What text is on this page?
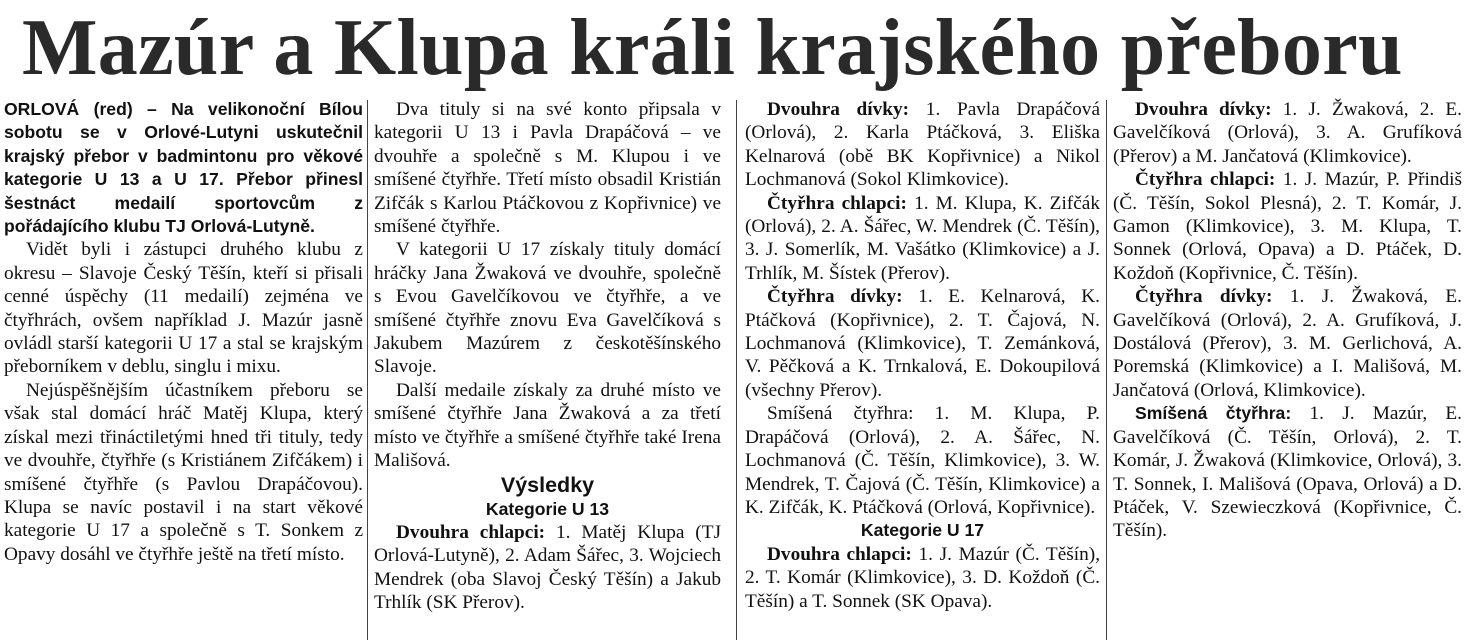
Mazúr a Klupa králi krajského přeboru

ORLOVÁ (red) – Na velikonoční Bílou sobotu se v Orlové-Lutyni uskutečnil krajský přebor v badmintonu pro věkové kategorie U 13 a U 17. Přebor přinesl šestnáct medailí sportovcům z pořádajícího klubu TJ Orlová-Lutyně.

Vidět byli i zástupci druhého klubu z okresu – Slavoje Český Těšín, kteří si přisali cenné úspěchy (11 medailí) zejména ve čtyřhrách, ovšem například J. Mazúr jasně ovládl starší kategorii U 17 a stal se krajským přeborníkem v deblu, singlu i mixu.

Nejúspěšnějším účastníkem přeboru se však stal domácí hráč Matěj Klupa, který získal mezi třináctiletými hned tři tituly, tedy ve dvouhře, čtyřhře (s Kristiánem Zifčákem) i smíšené čtyřhře (s Pavlou Drapáčovou). Klupa se navíc postavil i na start věkové kategorie U 17 a společně s T. Sonkem z Opavy dosáhl ve čtyřhře ještě na třetí místo.

Dva tituly si na své konto připsala v kategorii U 13 i Pavla Drapáčová – ve dvouhře a společně s M. Klupou i ve smíšené čtyřhře. Třetí místo obsadil Kristián Zifčák s Karlou Ptáčkovou z Kopřivnice) ve smíšené čtyřhře.

V kategorii U 17 získaly tituly domácí hráčky Jana Žwaková ve dvouhře, společně s Evou Gavelčíkovou ve čtyřhře, a ve smíšené čtyřhře znovu Eva Gavelčíková s Jakubem Mazúrem z českotěšínského Slavoje.

Další medaile získaly za druhé místo ve smíšené čtyřhře Jana Žwaková a za třetí místo ve čtyřhře a smíšené čtyřhře také Irena Mališová.

Výsledky
Kategorie U 13

Dvouhra chlapci: 1. Matěj Klupa (TJ Orlová-Lutyně), 2. Adam Šářec, 3. Wojciech Mendrek (oba Slavoj Český Těšín) a Jakub Trhlík (SK Přerov).

Dvouhra dívky: 1. Pavla Drapáčová (Orlová), 2. Karla Ptáčková, 3. Eliška Kelnarová (obě BK Kopřivnice) a Nikol Lochmanová (Sokol Klimkovice).

Čtyřhra chlapci: 1. M. Klupa, K. Zifčák (Orlová), 2. A. Šářec, W. Mendrek (Č. Těšín), 3. J. Somerlík, M. Vašátko (Klimkovice) a J. Trhlík, M. Šístek (Přerov).

Čtyřhra dívky: 1. E. Kelnarová, K. Ptáčková (Kopřivnice), 2. T. Čajová, N. Lochmanová (Klimkovice), T. Zemánková, V. Pěčková a K. Trnkalová, E. Dokoupilová (všechny Přerov).

Smíšená čtyřhra: 1. M. Klupa, P. Drapáčová (Orlová), 2. A. Šářec, N. Lochmanová (Č. Těšín, Klimkovice), 3. W. Mendrek, T. Čajová (Č. Těšín, Klimkovice) a K. Zifčák, K. Ptáčková (Orlová, Kopřivnice).

Kategorie U 17

Dvouhra chlapci: 1. J. Mazúr (Č. Těšín), 2. T. Komár (Klimkovice), 3. D. Koždoň (Č. Těšín) a T. Sonnek (SK Opava).

Dvouhra dívky: 1. J. Žwaková, 2. E. Gavelčíková (Orlová), 3. A. Grufíková (Přerov) a M. Jančatová (Klimkovice).

Čtyřhra chlapci: 1. J. Mazúr, P. Přindiš (Č. Těšín, Sokol Plesná), 2. T. Komár, J. Gamon (Klimkovice), 3. M. Klupa, T. Sonnek (Orlová, Opava) a D. Ptáček, D. Koždoň (Kopřivnice, Č. Těšín).

Čtyřhra dívky: 1. J. Žwaková, E. Gavelčíková (Orlová), 2. A. Grufíková, J. Dostálová (Přerov), 3. M. Gerlichová, A. Poremská (Klimkovice) a I. Mališová, M. Jančatová (Orlová, Klimkovice).

Smíšená čtyřhra: 1. J. Mazúr, E. Gavelčíková (Č. Těšín, Orlová), 2. T. Komár, J. Žwaková (Klimkovice, Orlová), 3. T. Sonnek, I. Mališová (Opava, Orlová) a D. Ptáček, V. Szewieczková (Kopřivnice, Č. Těšín).
